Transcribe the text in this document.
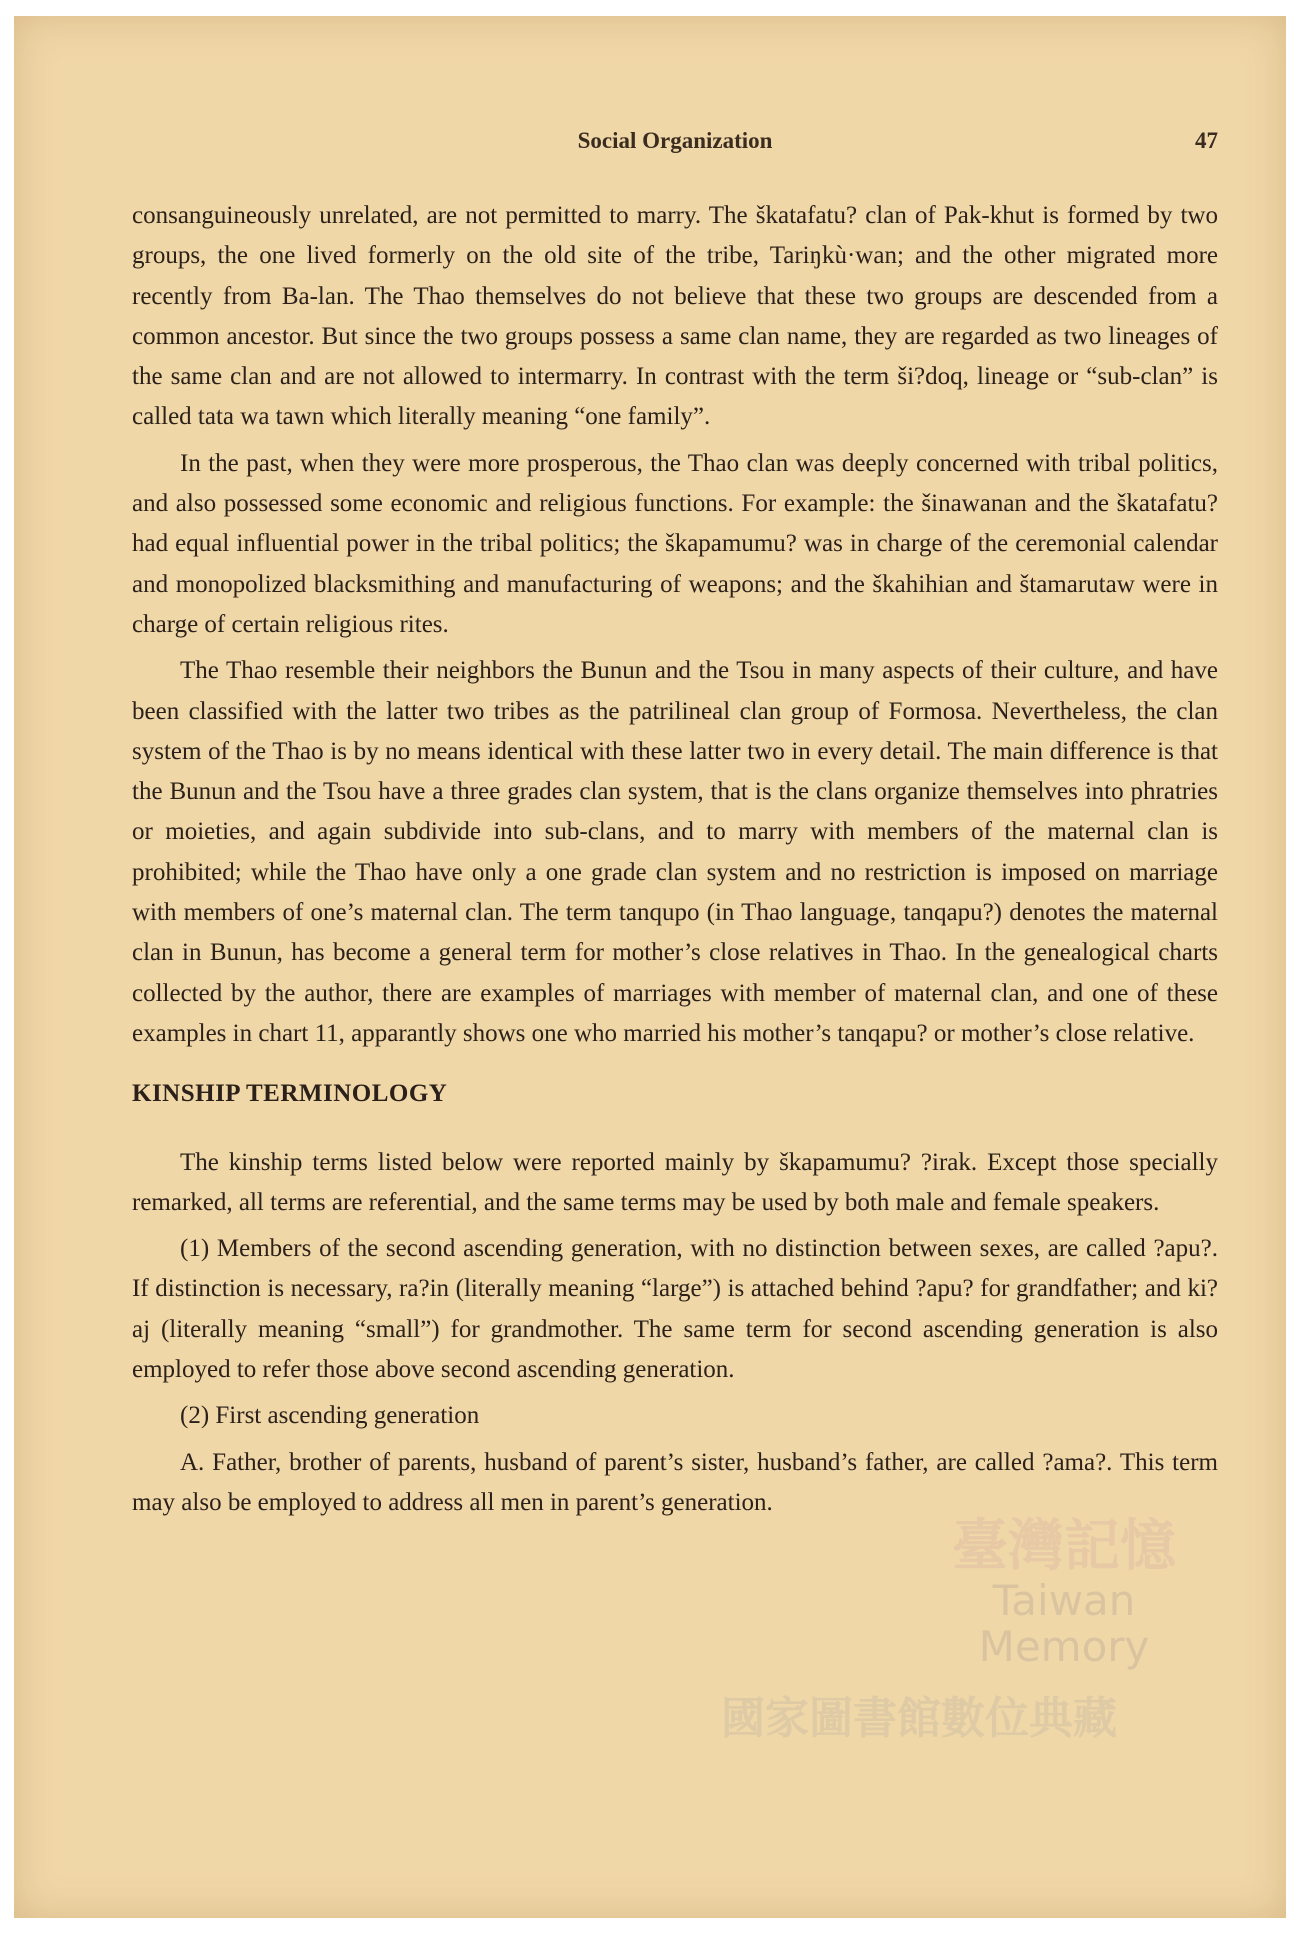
Social Organization	47

consanguineously unrelated, are not permitted to marry. The škatafatu? clan of Pak-khut is formed by two groups, the one lived formerly on the old site of the tribe, Tariŋkù·wan; and the other migrated more recently from Ba-lan. The Thao themselves do not believe that these two groups are descended from a common ancestor. But since the two groups possess a same clan name, they are regarded as two lineages of the same clan and are not allowed to intermarry. In contrast with the term ši?doq, lineage or “sub-clan” is called tata wa tawn which literally meaning “one family”.

In the past, when they were more prosperous, the Thao clan was deeply concerned with tribal politics, and also possessed some economic and religious functions. For example: the šinawanan and the škatafatu? had equal influential power in the tribal politics; the škapamumu? was in charge of the ceremonial calendar and monopolized blacksmithing and manufacturing of weapons; and the škahihian and štamarutaw were in charge of certain religious rites.

The Thao resemble their neighbors the Bunun and the Tsou in many aspects of their culture, and have been classified with the latter two tribes as the patrilineal clan group of Formosa. Nevertheless, the clan system of the Thao is by no means identical with these latter two in every detail. The main difference is that the Bunun and the Tsou have a three grades clan system, that is the clans organize themselves into phratries or moieties, and again subdivide into sub-clans, and to marry with members of the maternal clan is prohibited; while the Thao have only a one grade clan system and no restriction is imposed on marriage with members of one’s maternal clan. The term tanqupo (in Thao language, tanqapu?) denotes the maternal clan in Bunun, has become a general term for mother’s close relatives in Thao. In the genealogical charts collected by the author, there are examples of marriages with member of maternal clan, and one of these examples in chart 11, apparantly shows one who married his mother’s tanqapu? or mother’s close relative.

KINSHIP TERMINOLOGY

The kinship terms listed below were reported mainly by škapamumu? ?irak. Except those specially remarked, all terms are referential, and the same terms may be used by both male and female speakers.

(1) Members of the second ascending generation, with no distinction between sexes, are called ?apu?. If distinction is necessary, ra?in (literally meaning “large”) is attached behind ?apu? for grandfather; and ki?aj (literally meaning “small”) for grandmother. The same term for second ascending generation is also employed to refer those above second ascending generation.

(2) First ascending generation

A. Father, brother of parents, husband of parent’s sister, husband’s father, are called ?ama?. This term may also be employed to address all men in parent’s generation.

臺灣記憶
Taiwan Memory
國家圖書館數位典藏
